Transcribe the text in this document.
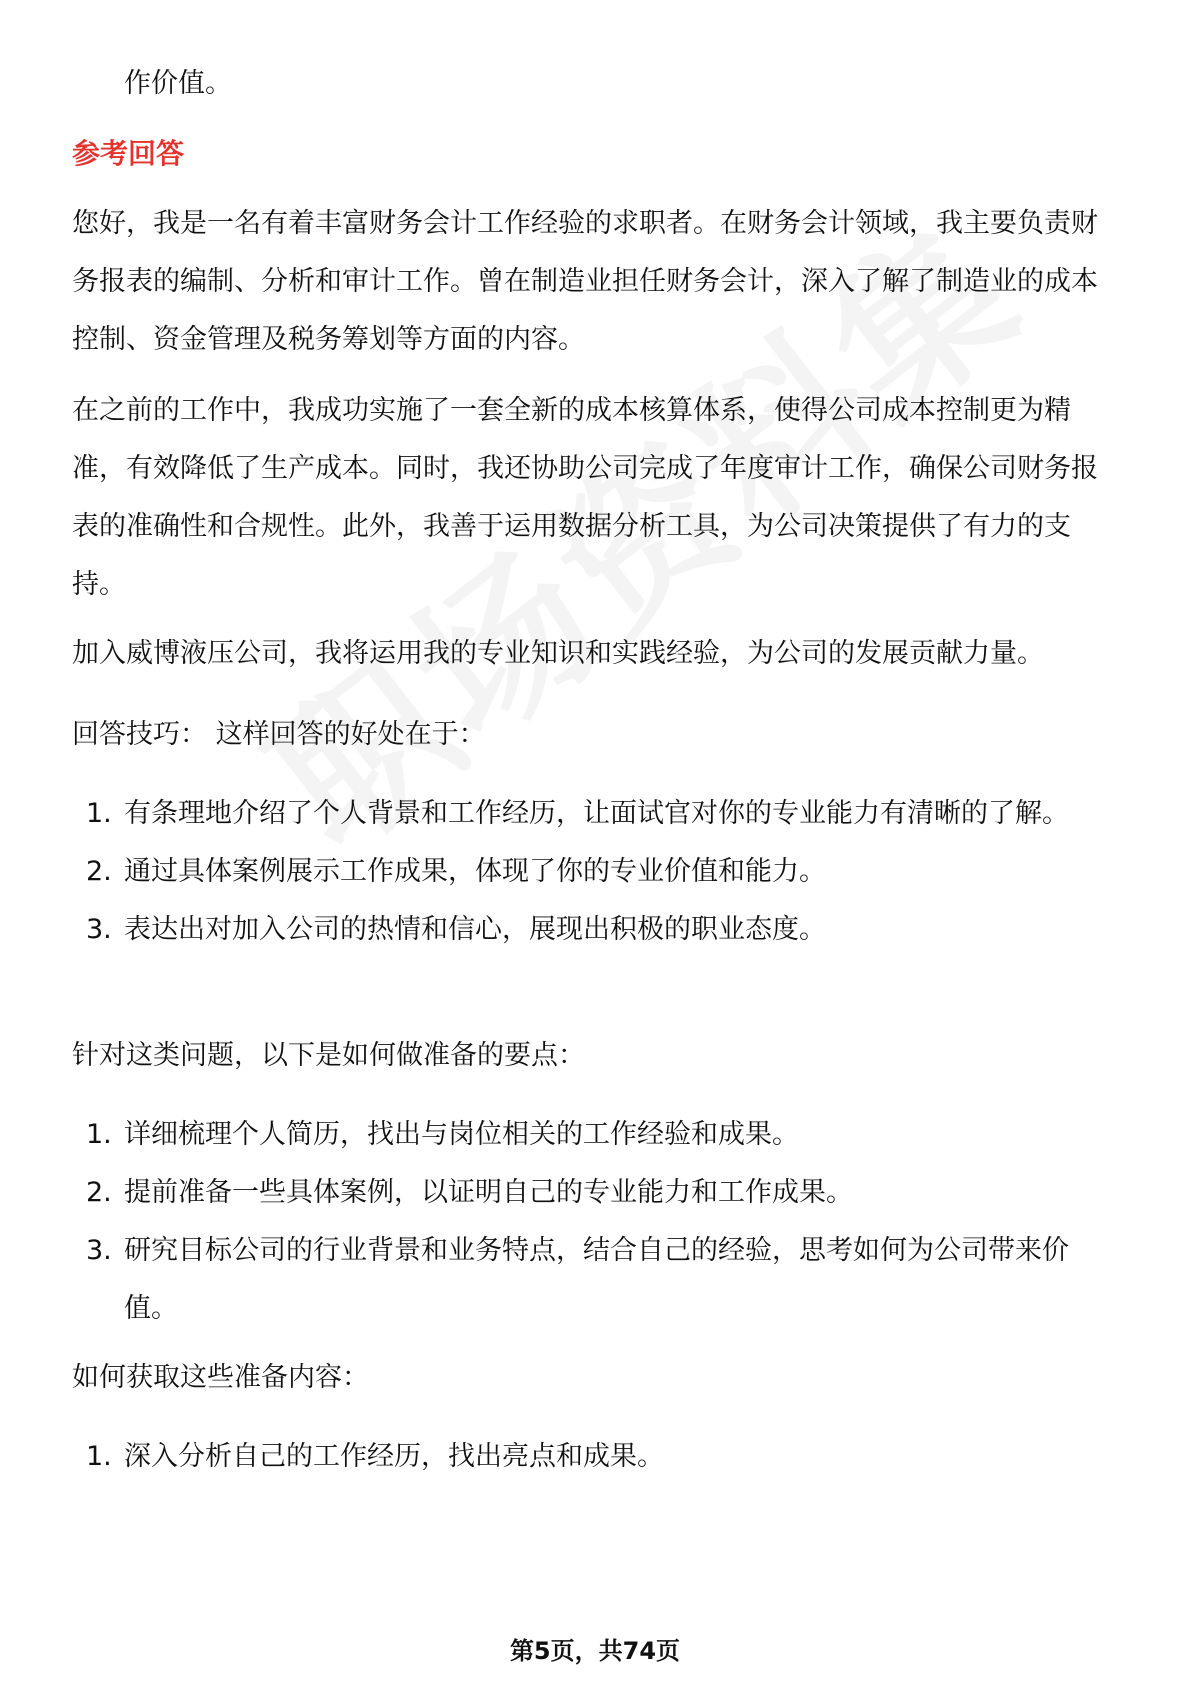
作价值。
参考回答
您好，我是一名有着丰富财务会计工作经验的求职者。在财务会计领域，我主要负责财务报表的编制、分析和审计工作。曾在制造业担任财务会计，深入了解了制造业的成本控制、资金管理及税务筹划等方面的内容。
在之前的工作中，我成功实施了一套全新的成本核算体系，使得公司成本控制更为精准，有效降低了生产成本。同时，我还协助公司完成了年度审计工作，确保公司财务报表的准确性和合规性。此外，我善于运用数据分析工具，为公司决策提供了有力的支持。
加入威博液压公司，我将运用我的专业知识和实践经验，为公司的发展贡献力量。
回答技巧： 这样回答的好处在于：
1. 有条理地介绍了个人背景和工作经历，让面试官对你的专业能力有清晰的了解。
2. 通过具体案例展示工作成果，体现了你的专业价值和能力。
3. 表达出对加入公司的热情和信心，展现出积极的职业态度。
针对这类问题，以下是如何做准备的要点：
1. 详细梳理个人简历，找出与岗位相关的工作经验和成果。
2. 提前准备一些具体案例，以证明自己的专业能力和工作成果。
3. 研究目标公司的行业背景和业务特点，结合自己的经验，思考如何为公司带来价值。
如何获取这些准备内容：
1. 深入分析自己的工作经历，找出亮点和成果。
第5页，共74页
